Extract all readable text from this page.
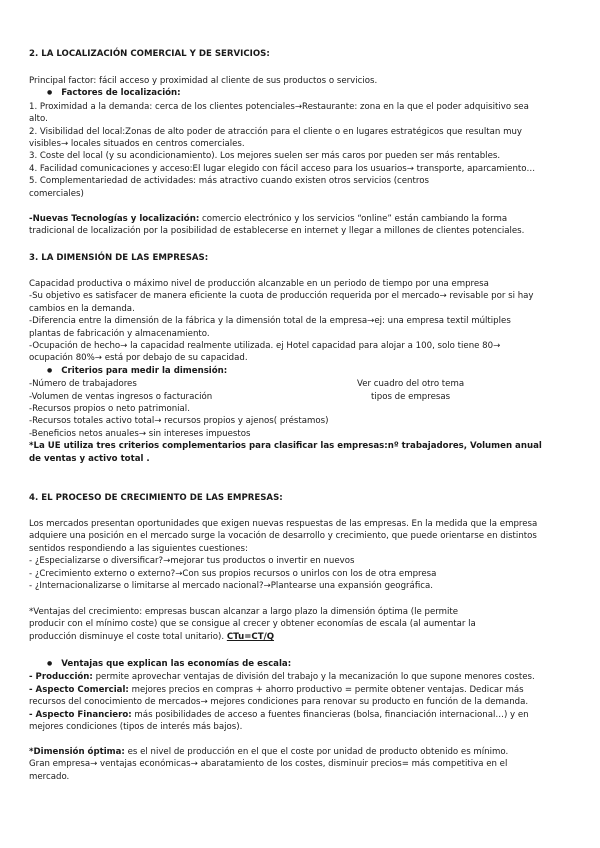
2. LA LOCALIZACIÓN COMERCIAL Y DE SERVICIOS:

Principal factor: fácil acceso y proximidad al cliente de sus productos o servicios.

● Factores de localización:

1. Proximidad a la demanda: cerca de los clientes potenciales→Restaurante: zona en la que el poder adquisitivo sea

alto.

2. Visibilidad del local:Zonas de alto poder de atracción para el cliente o en lugares estratégicos que resultan muy

visibles→ locales situados en centros comerciales.

3. Coste del local (y su acondicionamiento). Los mejores suelen ser más caros por pueden ser más rentables.

4. Facilidad comunicaciones y acceso:El lugar elegido con fácil acceso para los usuarios→ transporte, aparcamiento…

5. Complementariedad de actividades: más atractivo cuando existen otros servicios (centros

comerciales)

-Nuevas Tecnologías y localización: comercio electrónico y los servicios “online” están cambiando la forma

tradicional de localización por la posibilidad de establecerse en internet y llegar a millones de clientes potenciales.

3. LA DIMENSIÓN DE LAS EMPRESAS:

Capacidad productiva o máximo nivel de producción alcanzable en un periodo de tiempo por una empresa

-Su objetivo es satisfacer de manera eficiente la cuota de producción requerida por el mercado→ revisable por si hay

cambios en la demanda.

-Diferencia entre la dimensión de la fábrica y la dimensión total de la empresa→ej: una empresa textil múltiples

plantas de fabricación y almacenamiento.

-Ocupación de hecho→ la capacidad realmente utilizada. ej Hotel capacidad para alojar a 100, solo tiene 80→

ocupación 80%→ está por debajo de su capacidad.

● Criterios para medir la dimensión:

-Número de trabajadores	Ver cuadro del otro tema

-Volumen de ventas ingresos o facturación	tipos de empresas

-Recursos propios o neto patrimonial.

-Recursos totales activo total→ recursos propios y ajenos( préstamos)

-Beneficios netos anuales→ sin intereses impuestos

*La UE utiliza tres criterios complementarios para clasificar las empresas:nº trabajadores, Volumen anual

de ventas y activo total .

4. EL PROCESO DE CRECIMIENTO DE LAS EMPRESAS:

Los mercados presentan oportunidades que exigen nuevas respuestas de las empresas. En la medida que la empresa

adquiere una posición en el mercado surge la vocación de desarrollo y crecimiento, que puede orientarse en distintos

sentidos respondiendo a las siguientes cuestiones:

- ¿Especializarse o diversificar?→mejorar tus productos o invertir en nuevos

- ¿Crecimiento externo o externo?→Con sus propios recursos o unirlos con los de otra empresa

- ¿Internacionalizarse o limitarse al mercado nacional?→Plantearse una expansión geográfica.

*Ventajas del crecimiento: empresas buscan alcanzar a largo plazo la dimensión óptima (le permite

producir con el mínimo coste) que se consigue al crecer y obtener economías de escala (al aumentar la

producción disminuye el coste total unitario). CTu=CT/Q

● Ventajas que explican las economías de escala:

- Producción: permite aprovechar ventajas de división del trabajo y la mecanización lo que supone menores costes.

- Aspecto Comercial: mejores precios en compras + ahorro productivo = permite obtener ventajas. Dedicar más

recursos del conocimiento de mercados→ mejores condiciones para renovar su producto en función de la demanda.

- Aspecto Financiero: más posibilidades de acceso a fuentes financieras (bolsa, financiación internacional…) y en

mejores condiciones (tipos de interés más bajos).

*Dimensión óptima: es el nivel de producción en el que el coste por unidad de producto obtenido es mínimo.

Gran empresa→ ventajas económicas→ abaratamiento de los costes, disminuir precios= más competitiva en el

mercado.
